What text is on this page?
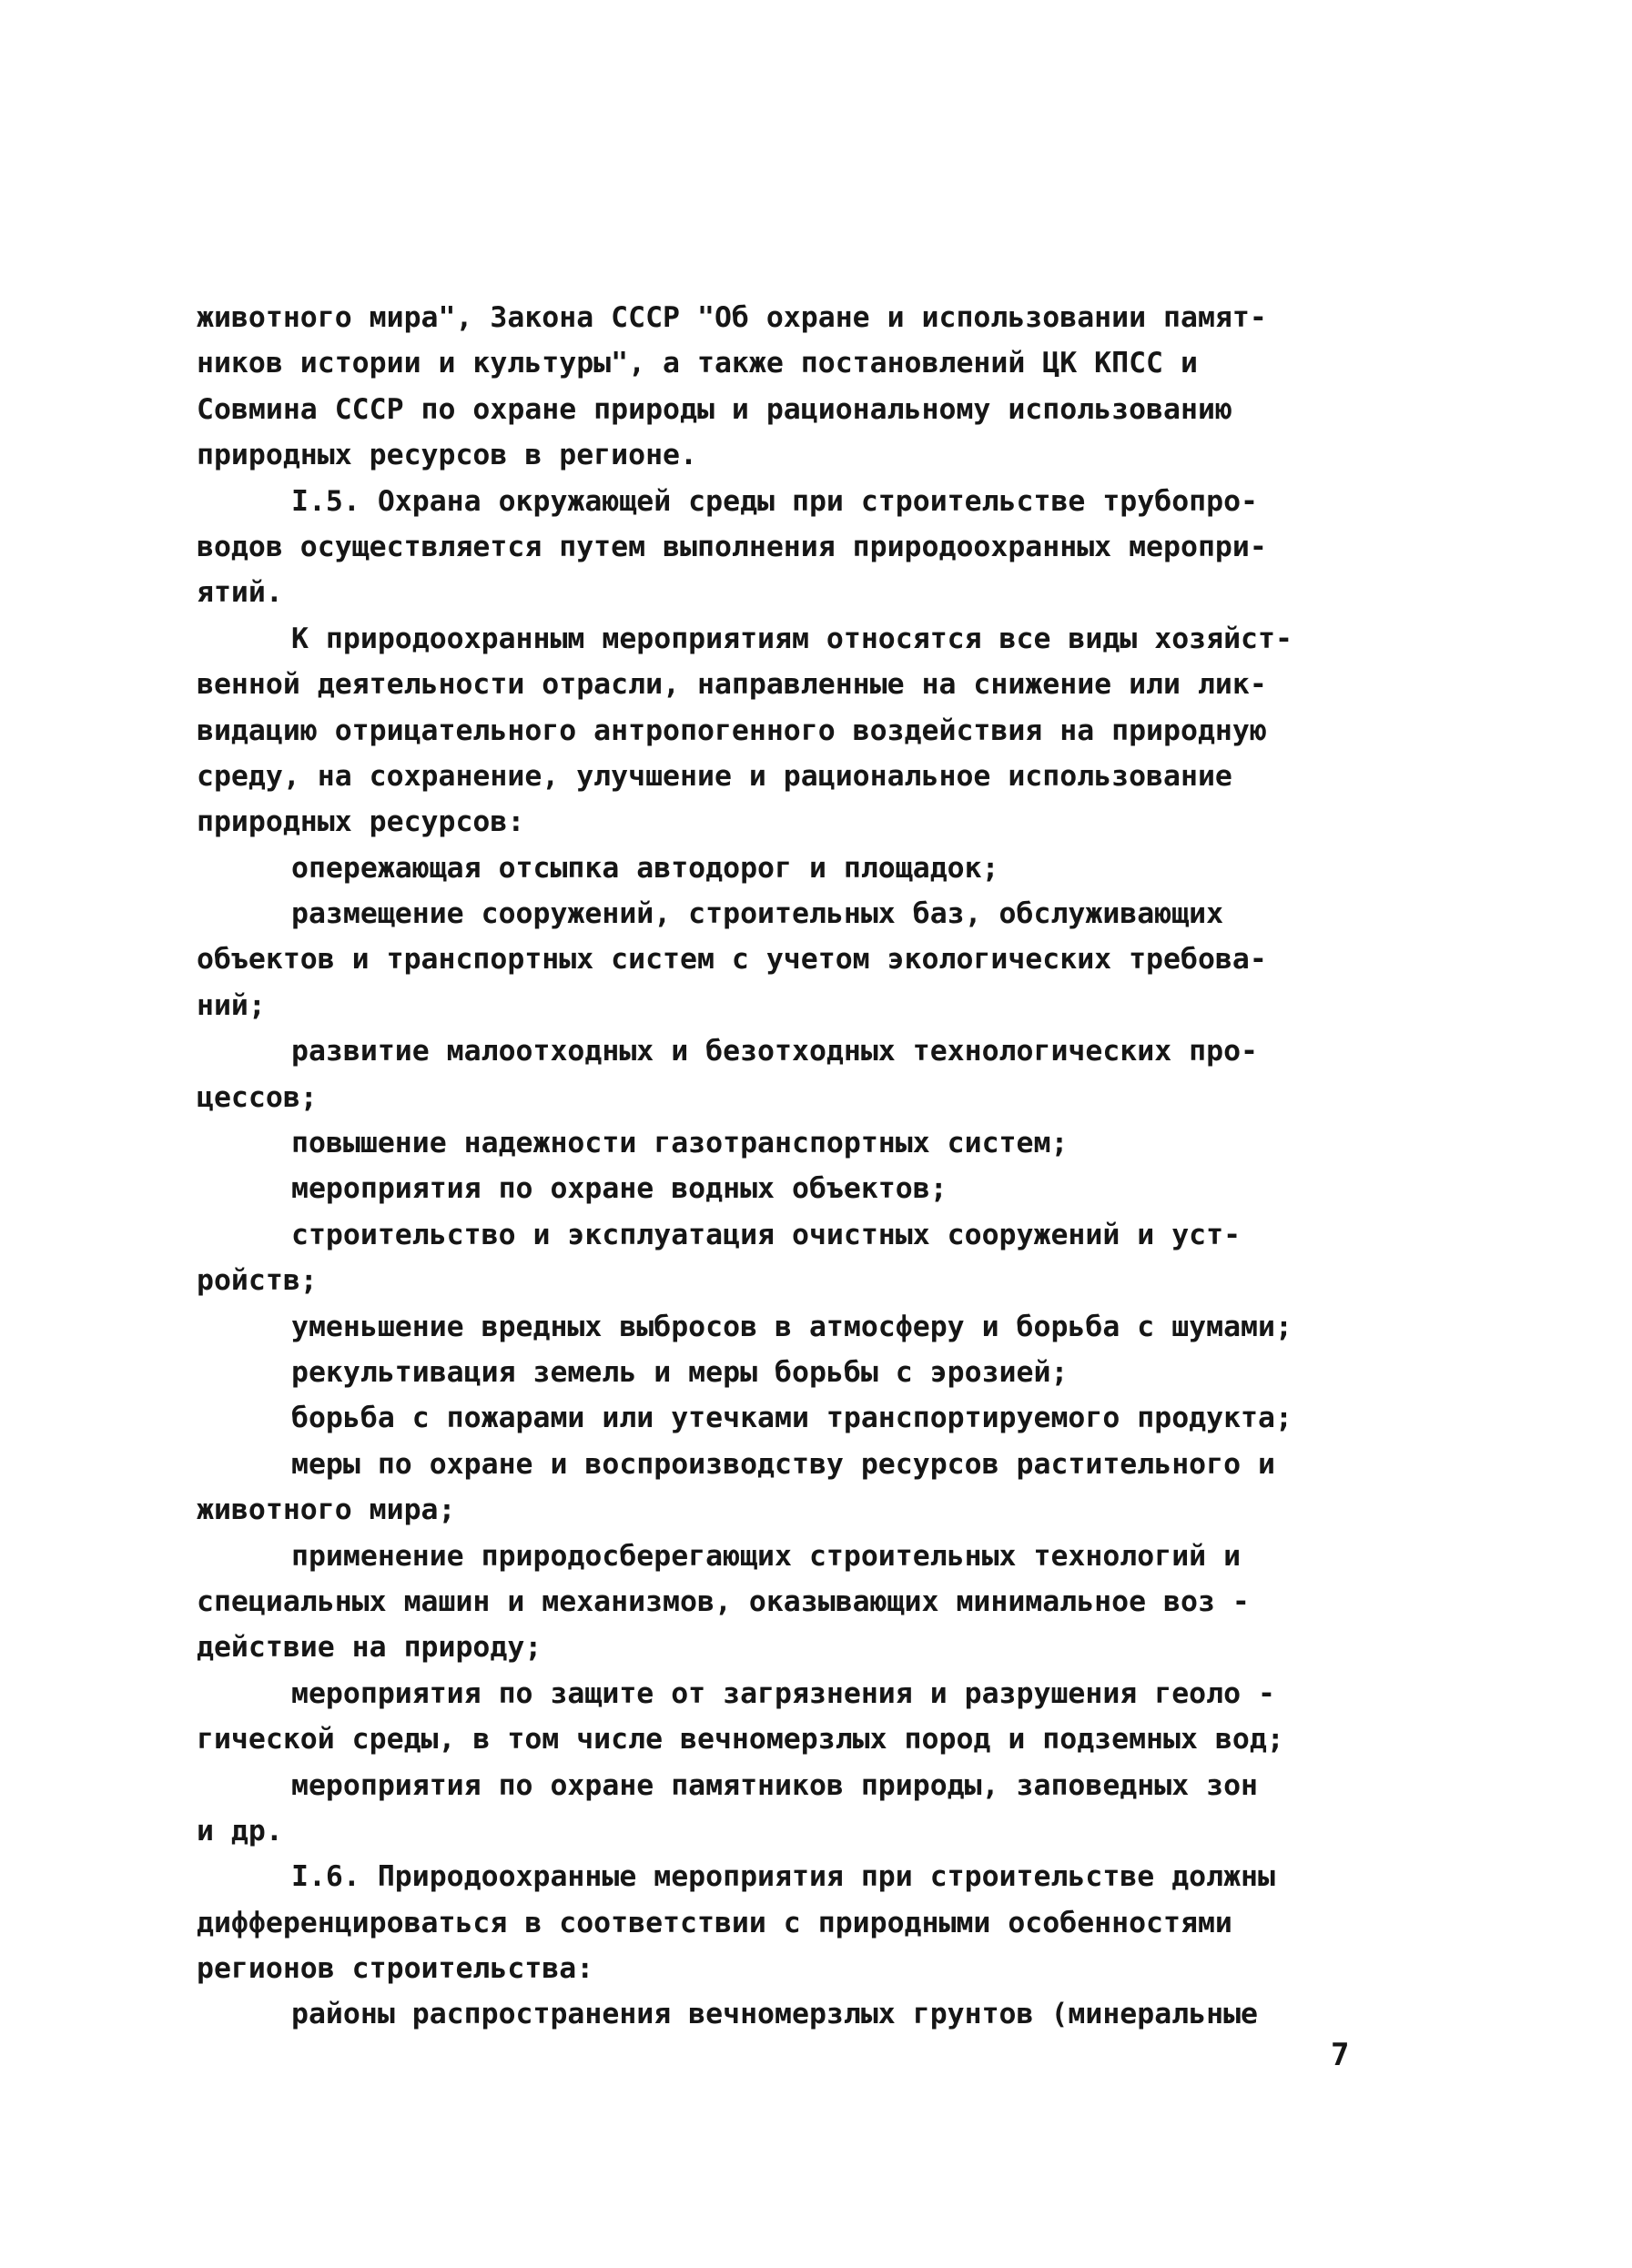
животного мира", Закона СССР "Об охране и использовании памят-
ников истории и культуры", а также постановлений ЦК КПСС и
Совмина СССР по охране природы и рациональному использованию
природных ресурсов в регионе.
I.5. Охрана окружающей среды при строительстве трубопро-
водов осуществляется путем выполнения природоохранных меропри-
ятий.
К природоохранным мероприятиям относятся все виды хозяйст-
венной деятельности отрасли, направленные на снижение или лик-
видацию отрицательного антропогенного воздействия на природную
среду, на сохранение, улучшение и рациональное использование
природных ресурсов:
опережающая отсыпка автодорог и площадок;
размещение сооружений, строительных баз, обслуживающих
объектов и транспортных систем с учетом экологических требова-
ний;
развитие малоотходных и безотходных технологических про-
цессов;
повышение надежности газотранспортных систем;
мероприятия по охране водных объектов;
строительство и эксплуатация очистных сооружений и уст-
ройств;
уменьшение вредных выбросов в атмосферу и борьба с шумами;
рекультивация земель и меры борьбы с эрозией;
борьба с пожарами или утечками транспортируемого продукта;
меры по охране и воспроизводству ресурсов растительного и
животного мира;
применение природосберегающих строительных технологий и
специальных машин и механизмов, оказывающих минимальное воз -
действие на природу;
мероприятия по защите от загрязнения и разрушения геоло -
гической среды, в том числе вечномерзлых пород и подземных вод;
мероприятия по охране памятников природы, заповедных зон
и др.
I.6. Природоохранные мероприятия при строительстве должны
дифференцироваться в соответствии с природными особенностями
регионов строительства:
районы распространения вечномерзлых грунтов (минеральные
7
